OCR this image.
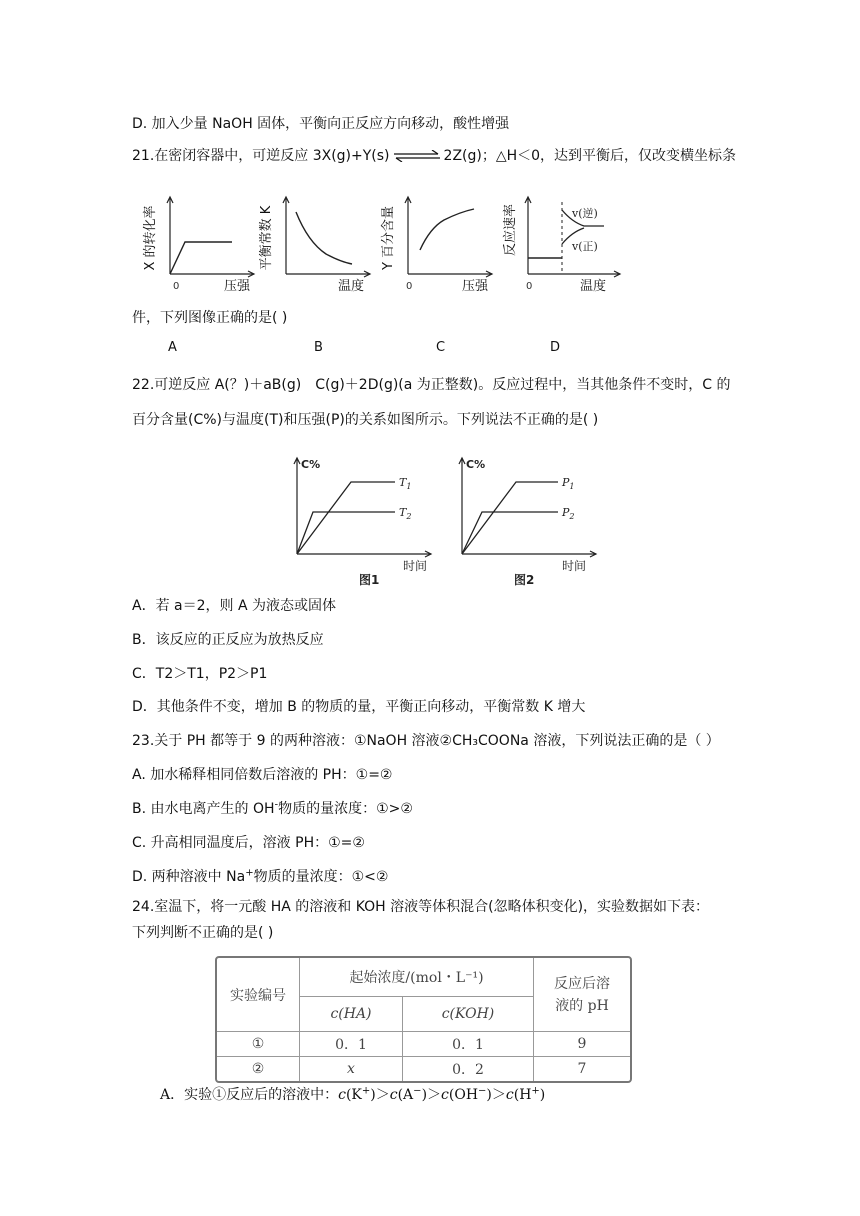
D. 加入少量 NaOH 固体，平衡向正反应方向移动，酸性增强
21.在密闭容器中，可逆反应 3X(g)+Y(s) ⇌ 2Z(g)；△H＜0，达到平衡后，仅改变横坐标条
X 的转化率
0	压强
平衡常数 K
温度
Y 百分含量
0	压强
v(逆)
v(正)
反应速率
0	温度
件，下列图像正确的是( )
A	B	C	D
22.可逆反应 A(？)＋aB(g) C(g)＋2D(g)(a 为正整数)。反应过程中，当其他条件不变时，C 的
百分含量(C%)与温度(T)和压强(P)的关系如图所示。下列说法不正确的是( )
C%
$T_1$
$T_2$
时间
图1
C%
$P_1$
$P_2$
时间
图2
A．若 a＝2，则 A 为液态或固体
B．该反应的正反应为放热反应
C．T2＞T1，P2＞P1
D．其他条件不变，增加 B 的物质的量，平衡正向移动，平衡常数 K 增大
23.关于 PH 都等于 9 的两种溶液：①NaOH 溶液②CH₃COONa 溶液，下列说法正确的是（ ）
A. 加水稀释相同倍数后溶液的 PH：①=②
B. 由水电离产生的 OH-物质的量浓度：①>②
C. 升高相同温度后，溶液 PH：①=②
D. 两种溶液中 Na+物质的量浓度：①<②
24.室温下，将一元酸 HA 的溶液和 KOH 溶液等体积混合(忽略体积变化)，实验数据如下表：
下列判断不正确的是( )
实验编号	起始浓度/(mol・L⁻¹)		反应后溶
液的 pH
	c(HA)	c(KOH)	
①	0．1	0．1	9
②	x	0．2	7
A．实验①反应后的溶液中：c(K+)＞c(A−)＞c(OH−)＞c(H+)
